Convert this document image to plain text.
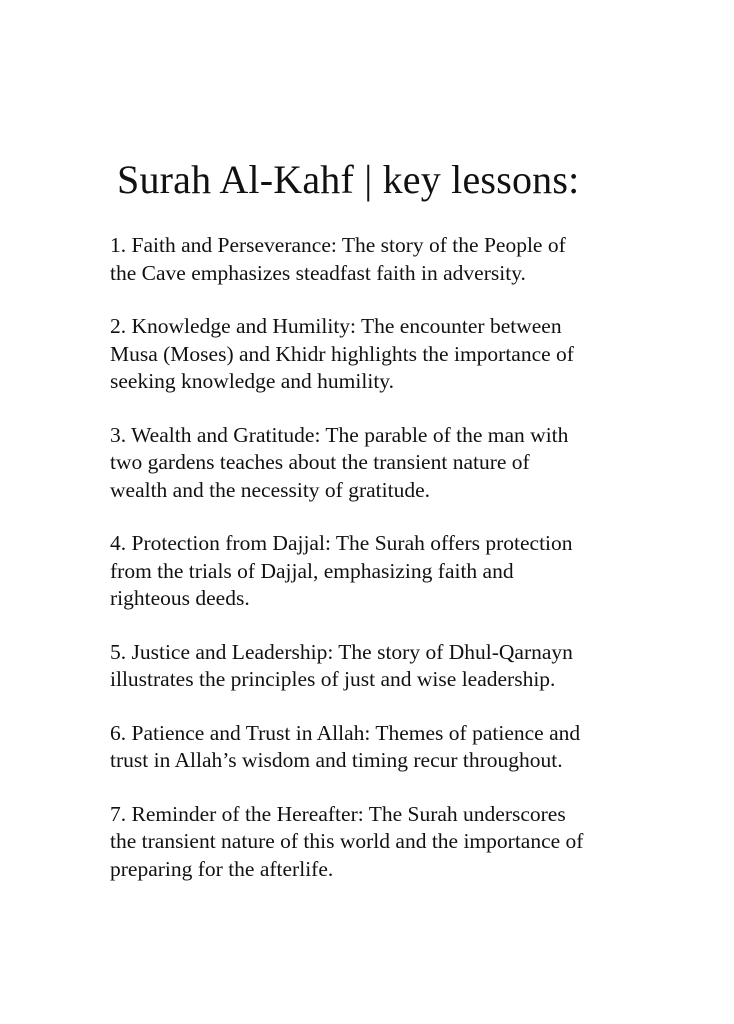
Surah Al-Kahf | key lessons:
1. Faith and Perseverance: The story of the People of
the Cave emphasizes steadfast faith in adversity.
2. Knowledge and Humility: The encounter between
Musa (Moses) and Khidr highlights the importance of
seeking knowledge and humility.
3. Wealth and Gratitude: The parable of the man with
two gardens teaches about the transient nature of
wealth and the necessity of gratitude.
4. Protection from Dajjal: The Surah offers protection
from the trials of Dajjal, emphasizing faith and
righteous deeds.
5. Justice and Leadership: The story of Dhul-Qarnayn
illustrates the principles of just and wise leadership.
6. Patience and Trust in Allah: Themes of patience and
trust in Allah’s wisdom and timing recur throughout.
7. Reminder of the Hereafter: The Surah underscores
the transient nature of this world and the importance of
preparing for the afterlife.
